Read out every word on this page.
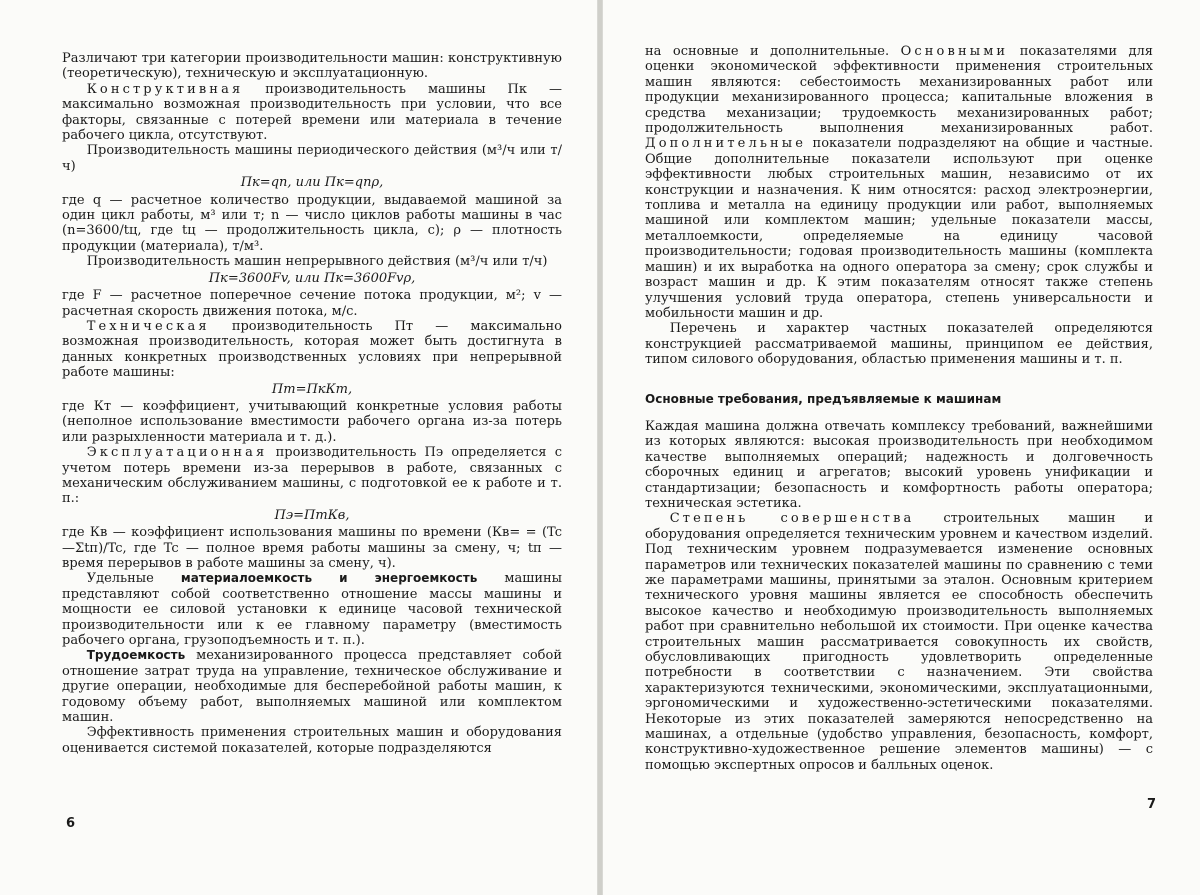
Различают три категории производительности машин: конструктивную (теоретическую), техническую и эксплуатационную.

Конструктивная производительность машины Пк — максимально возможная производительность при условии, что все факторы, связанные с потерей времени или материала в течение рабочего цикла, отсутствуют.

Производительность машины периодического действия (м³/ч или т/ч)

Пк=qn, или Пк=qnρ,

где q — расчетное количество продукции, выдаваемой машиной за один цикл работы, м³ или т; n — число циклов работы машины в час (n=3600/tц, где tц — продолжительность цикла, с); ρ — плотность продукции (материала), т/м³.

Производительность машин непрерывного действия (м³/ч или т/ч)

Пк=3600Fv, или Пк=3600Fvρ,

где F — расчетное поперечное сечение потока продукции, м²; v — расчетная скорость движения потока, м/с.

Техническая производительность Пт — максимально возможная производительность, которая может быть достигнута в данных конкретных производственных условиях при непрерывной работе машины:

Пт=ПкКт,

где Кт — коэффициент, учитывающий конкретные условия работы (неполное использование вместимости рабочего органа из-за потерь или разрыхленности материала и т. д.).

Эксплуатационная производительность Пэ определяется с учетом потерь времени из-за перерывов в работе, связанных с механическим обслуживанием машины, с подготовкой ее к работе и т. п.:

Пэ=ПтКв,

где Кв — коэффициент использования машины по времени (Кв= = (Tc—Σtп)/Tc, где Tc — полное время работы машины за смену, ч; tп — время перерывов в работе машины за смену, ч).

Удельные материалоемкость и энергоемкость машины представляют собой соответственно отношение массы машины и мощности ее силовой установки к единице часовой технической производительности или к ее главному параметру (вместимость рабочего органа, грузоподъемность и т. п.).

Трудоемкость механизированного процесса представляет собой отношение затрат труда на управление, техническое обслуживание и другие операции, необходимые для бесперебойной работы машин, к годовому объему работ, выполняемых машиной или комплектом машин.

Эффективность применения строительных машин и оборудования оценивается системой показателей, которые подразделяются

6

на основные и дополнительные. Основными показателями для оценки экономической эффективности применения строительных машин являются: себестоимость механизированных работ или продукции механизированного процесса; капитальные вложения в средства механизации; трудоемкость механизированных работ; продолжительность выполнения механизированных работ. Дополнительные показатели подразделяют на общие и частные. Общие дополнительные показатели используют при оценке эффективности любых строительных машин, независимо от их конструкции и назначения. К ним относятся: расход электроэнергии, топлива и металла на единицу продукции или работ, выполняемых машиной или комплектом машин; удельные показатели массы, металлоемкости, определяемые на единицу часовой производительности; годовая производительность машины (комплекта машин) и их выработка на одного оператора за смену; срок службы и возраст машин и др. К этим показателям относят также степень улучшения условий труда оператора, степень универсальности и мобильности машин и др.

Перечень и характер частных показателей определяются конструкцией рассматриваемой машины, принципом ее действия, типом силового оборудования, областью применения машины и т. п.

Основные требования, предъявляемые к машинам

Каждая машина должна отвечать комплексу требований, важнейшими из которых являются: высокая производительность при необходимом качестве выполняемых операций; надежность и долговечность сборочных единиц и агрегатов; высокий уровень унификации и стандартизации; безопасность и комфортность работы оператора; техническая эстетика.

Степень совершенства строительных машин и оборудования определяется техническим уровнем и качеством изделий. Под техническим уровнем подразумевается изменение основных параметров или технических показателей машины по сравнению с теми же параметрами машины, принятыми за эталон. Основным критерием технического уровня машины является ее способность обеспечить высокое качество и необходимую производительность выполняемых работ при сравнительно небольшой их стоимости. При оценке качества строительных машин рассматривается совокупность их свойств, обусловливающих пригодность удовлетворить определенные потребности в соответствии с назначением. Эти свойства характеризуются техническими, экономическими, эксплуатационными, эргономическими и художественно-эстетическими показателями. Некоторые из этих показателей замеряются непосредственно на машинах, а отдельные (удобство управления, безопасность, комфорт, конструктивно-художественное решение элементов машины) — с помощью экспертных опросов и балльных оценок.

7
